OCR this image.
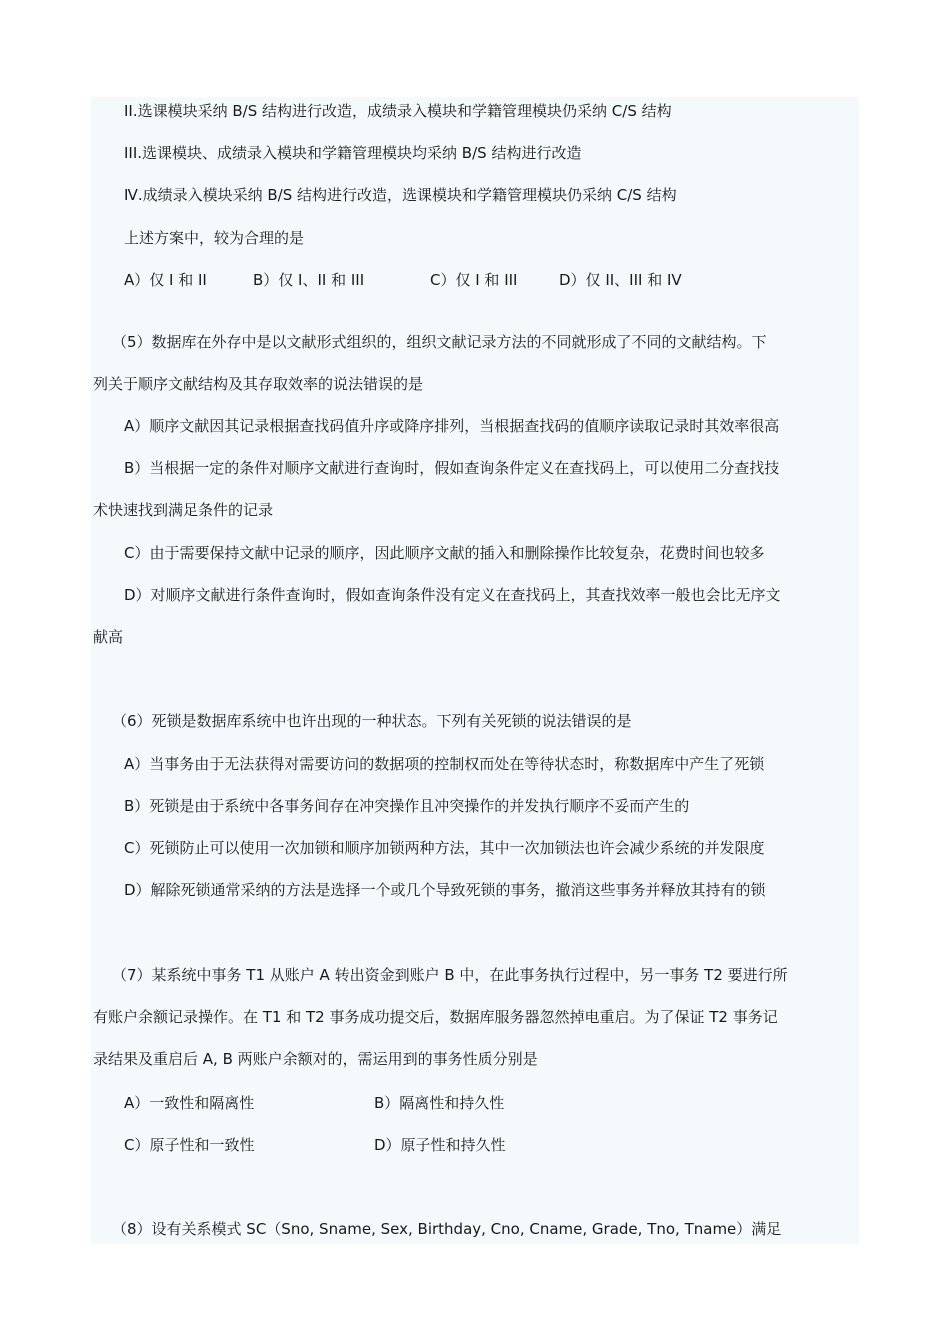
II.选课模块采纳 B/S 结构进行改造，成绩录入模块和学籍管理模块仍采纳 C/S 结构
III.选课模块、成绩录入模块和学籍管理模块均采纳 B/S 结构进行改造
Ⅳ.成绩录入模块采纳 B/S 结构进行改造，选课模块和学籍管理模块仍采纳 C/S 结构
上述方案中，较为合理的是
A）仅 I 和 II	B）仅 I、II 和 III	C）仅 I 和 III	D）仅 II、III 和 IV
（5）数据库在外存中是以文献形式组织的，组织文献记录方法的不同就形成了不同的文献结构。下
列关于顺序文献结构及其存取效率的说法错误的是
A）顺序文献因其记录根据查找码值升序或降序排列，当根据查找码的值顺序读取记录时其效率很高
B）当根据一定的条件对顺序文献进行查询时，假如查询条件定义在查找码上，可以使用二分查找技
术快速找到满足条件的记录
C）由于需要保持文献中记录的顺序，因此顺序文献的插入和删除操作比较复杂，花费时间也较多
D）对顺序文献进行条件查询时，假如查询条件没有定义在查找码上，其查找效率一般也会比无序文
献高
（6）死锁是数据库系统中也许出现的一种状态。下列有关死锁的说法错误的是
A）当事务由于无法获得对需要访问的数据项的控制权而处在等待状态时，称数据库中产生了死锁
B）死锁是由于系统中各事务间存在冲突操作且冲突操作的并发执行顺序不妥而产生的
C）死锁防止可以使用一次加锁和顺序加锁两种方法，其中一次加锁法也许会减少系统的并发限度
D）解除死锁通常采纳的方法是选择一个或几个导致死锁的事务，撤消这些事务并释放其持有的锁
（7）某系统中事务 T1 从账户 A 转出资金到账户 B 中，在此事务执行过程中，另一事务 T2 要进行所
有账户余额记录操作。在 T1 和 T2 事务成功提交后，数据库服务器忽然掉电重启。为了保证 T2 事务记
录结果及重启后 A, B 两账户余额对的，需运用到的事务性质分别是
A）一致性和隔离性	B）隔离性和持久性
C）原子性和一致性	D）原子性和持久性
（8）设有关系模式 SC（Sno, Sname, Sex, Birthday, Cno, Cname, Grade, Tno, Tname）满足
